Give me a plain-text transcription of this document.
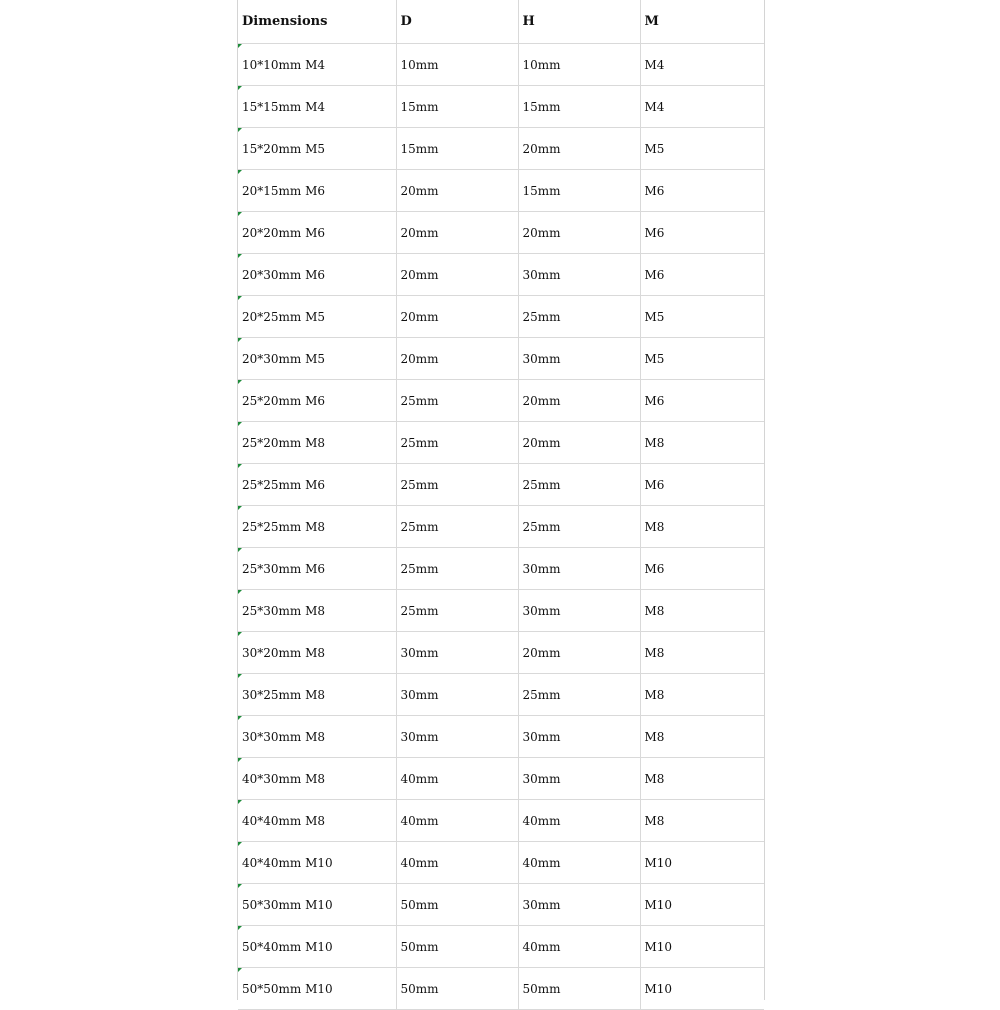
Dimensions	D	H	M
10*10mm M4	10mm	10mm	M4
15*15mm M4	15mm	15mm	M4
15*20mm M5	15mm	20mm	M5
20*15mm M6	20mm	15mm	M6
20*20mm M6	20mm	20mm	M6
20*30mm M6	20mm	30mm	M6
20*25mm M5	20mm	25mm	M5
20*30mm M5	20mm	30mm	M5
25*20mm M6	25mm	20mm	M6
25*20mm M8	25mm	20mm	M8
25*25mm M6	25mm	25mm	M6
25*25mm M8	25mm	25mm	M8
25*30mm M6	25mm	30mm	M6
25*30mm M8	25mm	30mm	M8
30*20mm M8	30mm	20mm	M8
30*25mm M8	30mm	25mm	M8
30*30mm M8	30mm	30mm	M8
40*30mm M8	40mm	30mm	M8
40*40mm M8	40mm	40mm	M8
40*40mm M10	40mm	40mm	M10
50*30mm M10	50mm	30mm	M10
50*40mm M10	50mm	40mm	M10
50*50mm M10	50mm	50mm	M10
